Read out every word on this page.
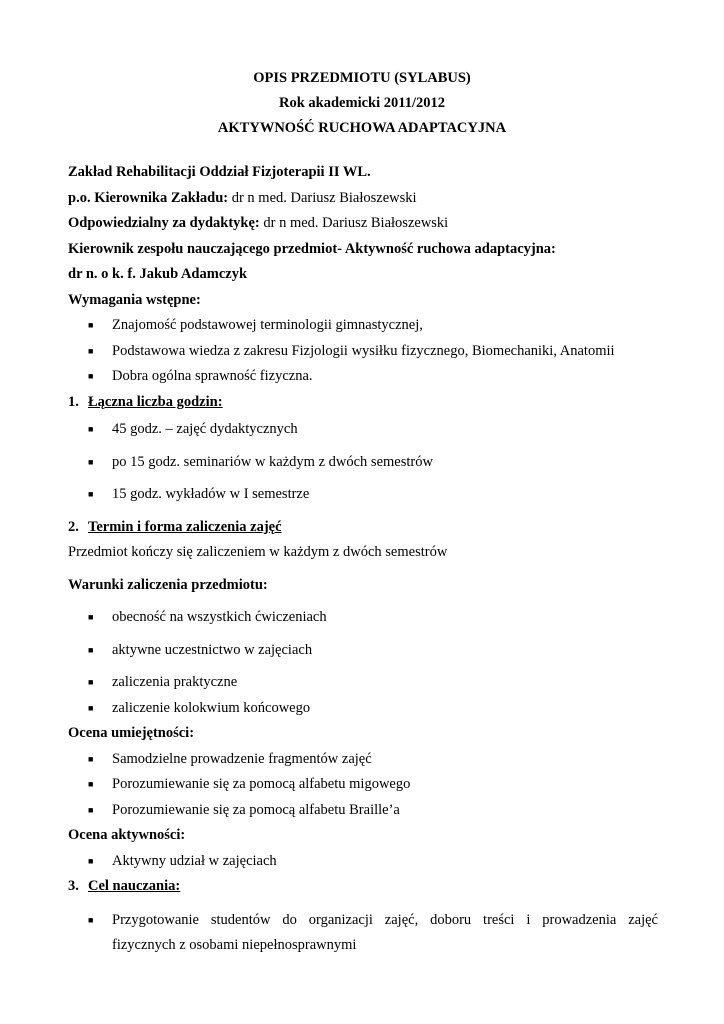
OPIS PRZEDMIOTU (SYLABUS)
Rok akademicki 2011/2012
AKTYWNOŚĆ RUCHOWA ADAPTACYJNA
Zakład Rehabilitacji Oddział Fizjoterapii II WL.
p.o. Kierownika Zakładu: dr n med. Dariusz Białoszewski
Odpowiedzialny za dydaktykę: dr n med. Dariusz Białoszewski
Kierownik zespołu nauczającego przedmiot- Aktywność ruchowa adaptacyjna:
dr n. o k. f. Jakub Adamczyk
Wymagania wstępne:
■ Znajomość podstawowej terminologii gimnastycznej,
■ Podstawowa wiedza z zakresu Fizjologii wysiłku fizycznego, Biomechaniki, Anatomii
■ Dobra ogólna sprawność fizyczna.
1. Łączna liczba godzin:
■ 45 godz. – zajęć dydaktycznych
■ po 15 godz. seminariów w każdym z dwóch semestrów
■ 15 godz. wykładów w I semestrze
2. Termin i forma zaliczenia zajęć
Przedmiot kończy się zaliczeniem w każdym z dwóch semestrów
Warunki zaliczenia przedmiotu:
■ obecność na wszystkich ćwiczeniach
■ aktywne uczestnictwo w zajęciach
■ zaliczenia praktyczne
■ zaliczenie kolokwium końcowego
Ocena umiejętności:
■ Samodzielne prowadzenie fragmentów zajęć
■ Porozumiewanie się za pomocą alfabetu migowego
■ Porozumiewanie się za pomocą alfabetu Braille’a
Ocena aktywności:
■ Aktywny udział w zajęciach
3. Cel nauczania:
■ Przygotowanie studentów do organizacji zajęć, doboru treści i prowadzenia zajęć
fizycznych z osobami niepełnosprawnymi
